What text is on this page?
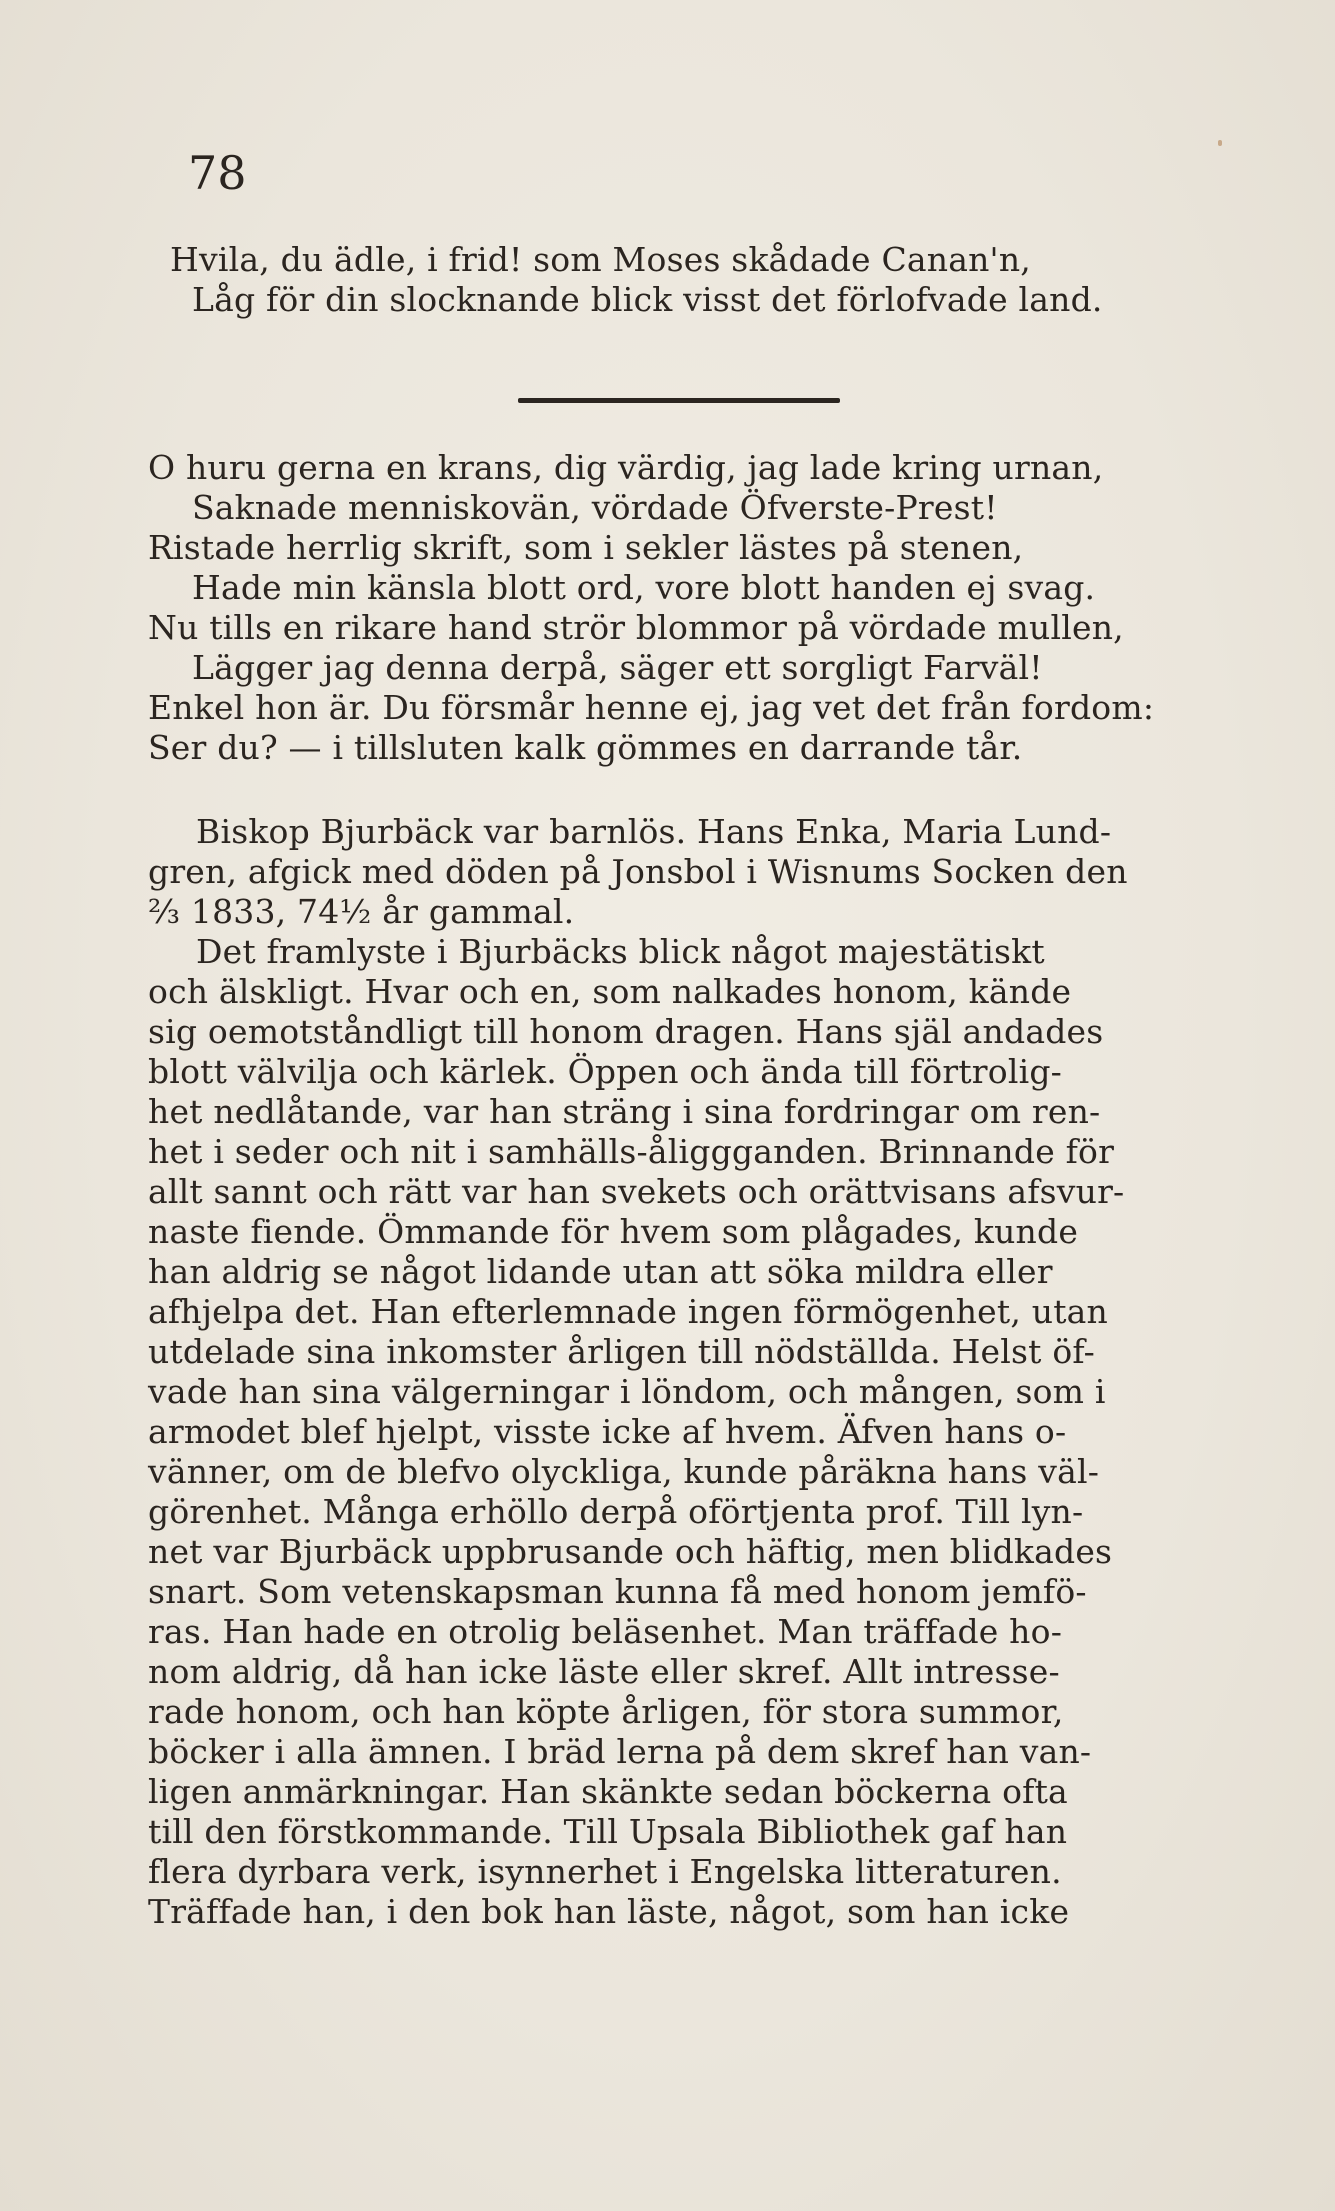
78
Hvila, du ädle, i frid! som Moses skådade Canan'n,
Låg för din slocknande blick visst det förlofvade land.
O huru gerna en krans, dig värdig, jag lade kring urnan,
Saknade menniskovän, vördade Öfverste-Prest!
Ristade herrlig skrift, som i sekler lästes på stenen,
Hade min känsla blott ord, vore blott handen ej svag.
Nu tills en rikare hand strör blommor på vördade mullen,
Lägger jag denna derpå, säger ett sorgligt Farväl!
Enkel hon är. Du försmår henne ej, jag vet det från fordom:
Ser du? — i tillsluten kalk gömmes en darrande tår.
Biskop Bjurbäck var barnlös. Hans Enka, Maria Lund-
gren, afgick med döden på Jonsbol i Wisnums Socken den
⅔ 1833, 74½ år gammal.
Det framlyste i Bjurbäcks blick något majestätiskt
och älskligt. Hvar och en, som nalkades honom, kände
sig oemotståndligt till honom dragen. Hans själ andades
blott välvilja och kärlek. Öppen och ända till förtrolig-
het nedlåtande, var han sträng i sina fordringar om ren-
het i seder och nit i samhälls-åliggganden. Brinnande för
allt sannt och rätt var han svekets och orättvisans afsvur-
naste fiende. Ömmande för hvem som plågades, kunde
han aldrig se något lidande utan att söka mildra eller
afhjelpa det. Han efterlemnade ingen förmögenhet, utan
utdelade sina inkomster årligen till nödställda. Helst öf-
vade han sina välgerningar i löndom, och mången, som i
armodet blef hjelpt, visste icke af hvem. Äfven hans o-
vänner, om de blefvo olyckliga, kunde påräkna hans väl-
görenhet. Många erhöllo derpå oförtjenta prof. Till lyn-
net var Bjurbäck uppbrusande och häftig, men blidkades
snart. Som vetenskapsman kunna få med honom jemfö-
ras. Han hade en otrolig beläsenhet. Man träffade ho-
nom aldrig, då han icke läste eller skref. Allt intresse-
rade honom, och han köpte årligen, för stora summor,
böcker i alla ämnen. I bräd lerna på dem skref han van-
ligen anmärkningar. Han skänkte sedan böckerna ofta
till den förstkommande. Till Upsala Bibliothek gaf han
flera dyrbara verk, isynnerhet i Engelska litteraturen.
Träffade han, i den bok han läste, något, som han icke
